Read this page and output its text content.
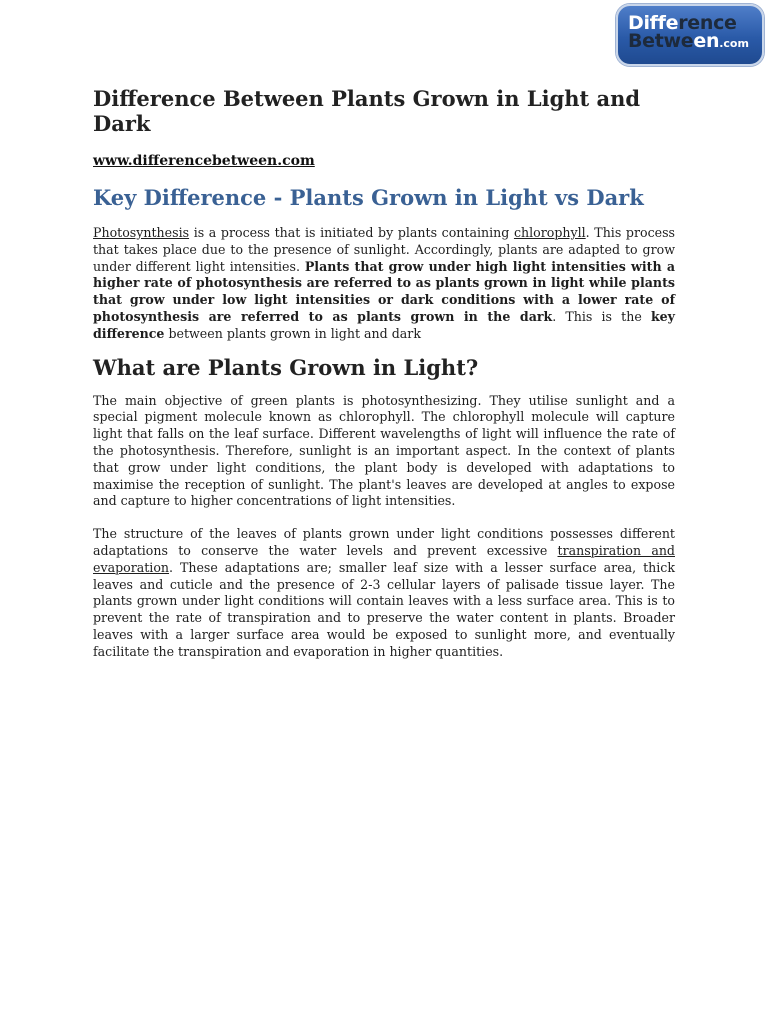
Difference
Between.com
Difference Between Plants Grown in Light and Dark
www.differencebetween.com
Key Difference - Plants Grown in Light vs Dark

Photosynthesis is a process that is initiated by plants containing chlorophyll. This process that takes place due to the presence of sunlight. Accordingly, plants are adapted to grow under different light intensities. Plants that grow under high light intensities with a higher rate of photosynthesis are referred to as plants grown in light while plants that grow under low light intensities or dark conditions with a lower rate of photosynthesis are referred to as plants grown in the dark. This is the key difference between plants grown in light and dark

What are Plants Grown in Light?

The main objective of green plants is photosynthesizing. They utilise sunlight and a special pigment molecule known as chlorophyll. The chlorophyll molecule will capture light that falls on the leaf surface. Different wavelengths of light will influence the rate of the photosynthesis. Therefore, sunlight is an important aspect. In the context of plants that grow under light conditions, the plant body is developed with adaptations to maximise the reception of sunlight. The plant's leaves are developed at angles to expose and capture to higher concentrations of light intensities.

The structure of the leaves of plants grown under light conditions possesses different adaptations to conserve the water levels and prevent excessive transpiration and evaporation. These adaptations are; smaller leaf size with a lesser surface area, thick leaves and cuticle and the presence of 2-3 cellular layers of palisade tissue layer. The plants grown under light conditions will contain leaves with a less surface area. This is to prevent the rate of transpiration and to preserve the water content in plants. Broader leaves with a larger surface area would be exposed to sunlight more, and eventually facilitate the transpiration and evaporation in higher quantities.
